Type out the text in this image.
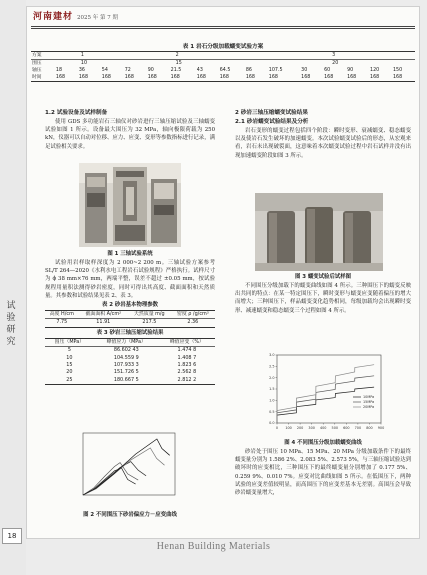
试
验
研
究
18
河南建材 2025 年 第 7 期
表 1 岩石分级加载蠕变试验方案
方案	1					2					3				
围压	10					15					20				
轴压	18	36	54	72	90	21.5	43	64.5	86	107.5	30	60	90	120	150
时间	168	168	168	168	168	168	168	168	168	168	168	168	168	168	168
1.2 试验设备及试样制备

使用 GDS 多功能岩石三轴仪对砂岩进行三轴压缩试验及三轴蠕变试验如图 1 所示。设备最大围压为 32 MPa，轴向极限荷载为 250 kN，仪器可以自动对位移、应力、应变、变形等参数指标进行记录，满足试验相关要求。

图 1 三轴试验系统

试验用岩样取样深度为 2 000~2 200 m。三轴试验方案参考 SL/T 264—2020《水利水电工程岩石试验规程》严格执行。试样尺寸为 ϕ 38 mm×76 mm，两端平整，误差不超过 ±0.05 mm，按试验规程用量积法测得砂岩密度，同时可得出其高度、截面面积和天然质量。其参数和试验结果见表 2、表 3。

表 2 砂岩基本物理参数
高度 H/cm	截面面积 A/cm²	天然质量 m/g	密度 ρ /g/cm³
7.75	11.91	217.5	2.36
表 3 砂岩三轴压缩试验结果
围压（MPa）	峰值应力（MPa）	峰值应变（%）
5	86.602 43	1.474 8
10	104.559 9	1.408 7
15	107.933 3	1.823 6
20	151.726 5	2.562 8
25	180.667 5	2.812 2
图 2 不同围压下砂岩偏应力－应变曲线
2 砂岩三轴压缩蠕变试验结果
2.1 砂岩蠕变试验结果及分析

岩石变形的蠕变过程包括四个阶段：瞬时变形、衰减蠕变、稳态蠕变以及使岩石发生破坏的加速蠕变。本次试验蠕变试验后的形态，从宏观来看，岩石未出现破裂面，这意味着本次蠕变试验过程中岩石试样并没有出现加速蠕变阶段如图 3 所示。

图 3 蠕变试验后试样图

不同围压分级加载下的蠕变曲线如图 4 所示。三种围压下的蠕变反映出共同的特点：在某一特定围压下，瞬时变形与蠕变应变随着偏压的增大而增大；三种围压下，样品蠕变变化趋势相同，每级加载均会出现瞬时变形、减速蠕变和稳态蠕变三个过程如图 4 所示。

0 100 200 300 400 500 600 700 800 900
0.0
0.5
1.0
1.5
2.0
2.5
3.0
10MPa
15MPa
20MPa
图 4 不同围压分级加载蠕变曲线

砂岩处于围压 10 MPa、15 MPa、20 MPa 分级加载条件下的最终蠕变量分别为 1.586 2%、2.083 5%、2.573 5%，与三轴压缩试验达到破坏时的应变相比，三种围压下的最终蠕变量分别增加了 0.177 5%、0.259 9%、0.010 7%。应变对比曲线如图 5 所示。在低围压下，两种试验的应变差值较明显，而高围压下的应变差基本无差别。高围压会导致砂岩蠕变量增大，

Henan Building Materials
